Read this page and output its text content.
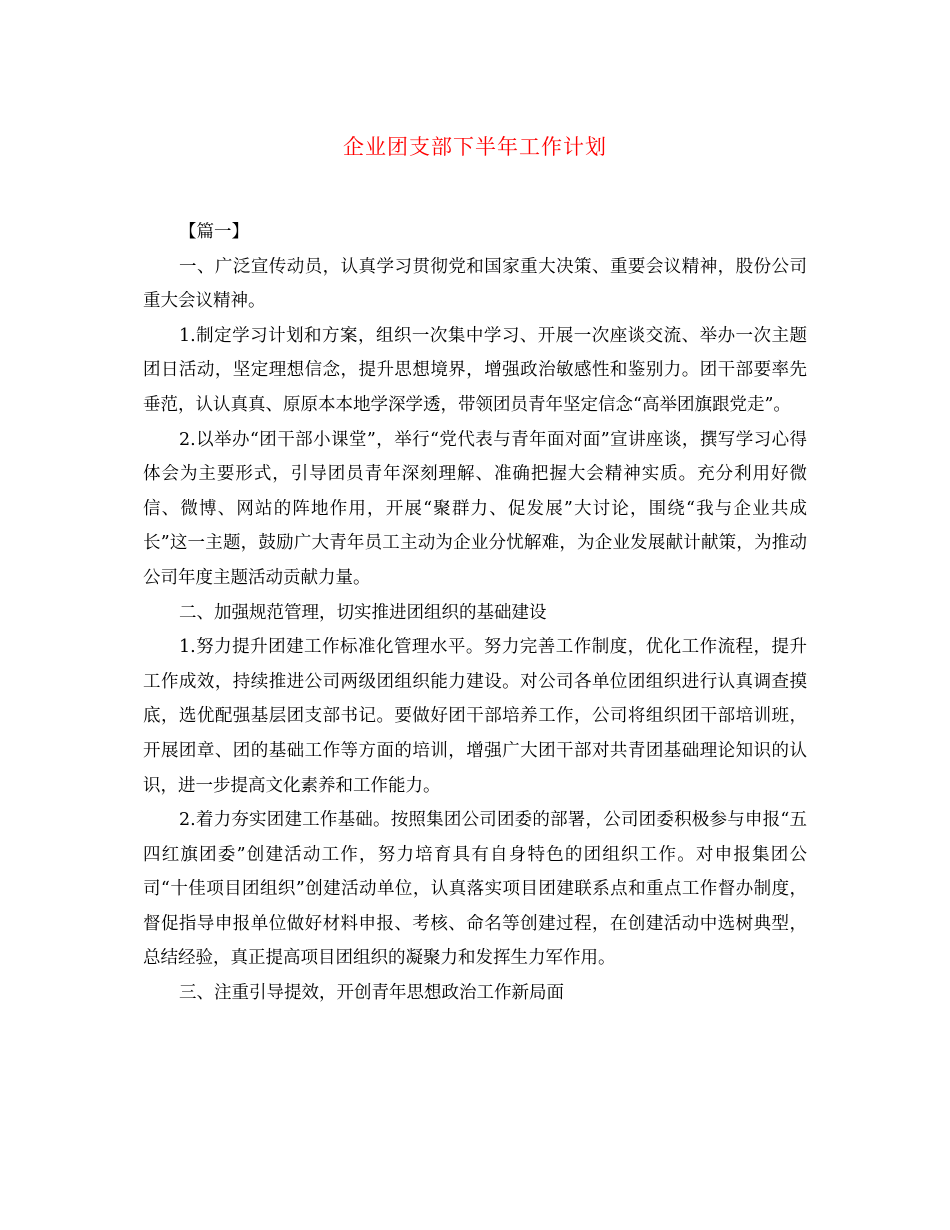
企业团支部下半年工作计划

【篇一】

一、广泛宣传动员，认真学习贯彻党和国家重大决策、重要会议精神，股份公司重大会议精神。

1.制定学习计划和方案，组织一次集中学习、开展一次座谈交流、举办一次主题团日活动，坚定理想信念，提升思想境界，增强政治敏感性和鉴别力。团干部要率先垂范，认认真真、原原本本地学深学透，带领团员青年坚定信念“高举团旗跟党走”。

2.以举办“团干部小课堂”，举行“党代表与青年面对面”宣讲座谈，撰写学习心得体会为主要形式，引导团员青年深刻理解、准确把握大会精神实质。充分利用好微信、微博、网站的阵地作用，开展“聚群力、促发展”大讨论，围绕“我与企业共成长”这一主题，鼓励广大青年员工主动为企业分忧解难，为企业发展献计献策，为推动公司年度主题活动贡献力量。

二、加强规范管理，切实推进团组织的基础建设

1.努力提升团建工作标准化管理水平。努力完善工作制度，优化工作流程，提升工作成效，持续推进公司两级团组织能力建设。对公司各单位团组织进行认真调查摸底，选优配强基层团支部书记。要做好团干部培养工作，公司将组织团干部培训班，开展团章、团的基础工作等方面的培训，增强广大团干部对共青团基础理论知识的认识，进一步提高文化素养和工作能力。

2.着力夯实团建工作基础。按照集团公司团委的部署，公司团委积极参与申报“五四红旗团委”创建活动工作，努力培育具有自身特色的团组织工作。对申报集团公司“十佳项目团组织”创建活动单位，认真落实项目团建联系点和重点工作督办制度，督促指导申报单位做好材料申报、考核、命名等创建过程，在创建活动中选树典型，总结经验，真正提高项目团组织的凝聚力和发挥生力军作用。

三、注重引导提效，开创青年思想政治工作新局面
